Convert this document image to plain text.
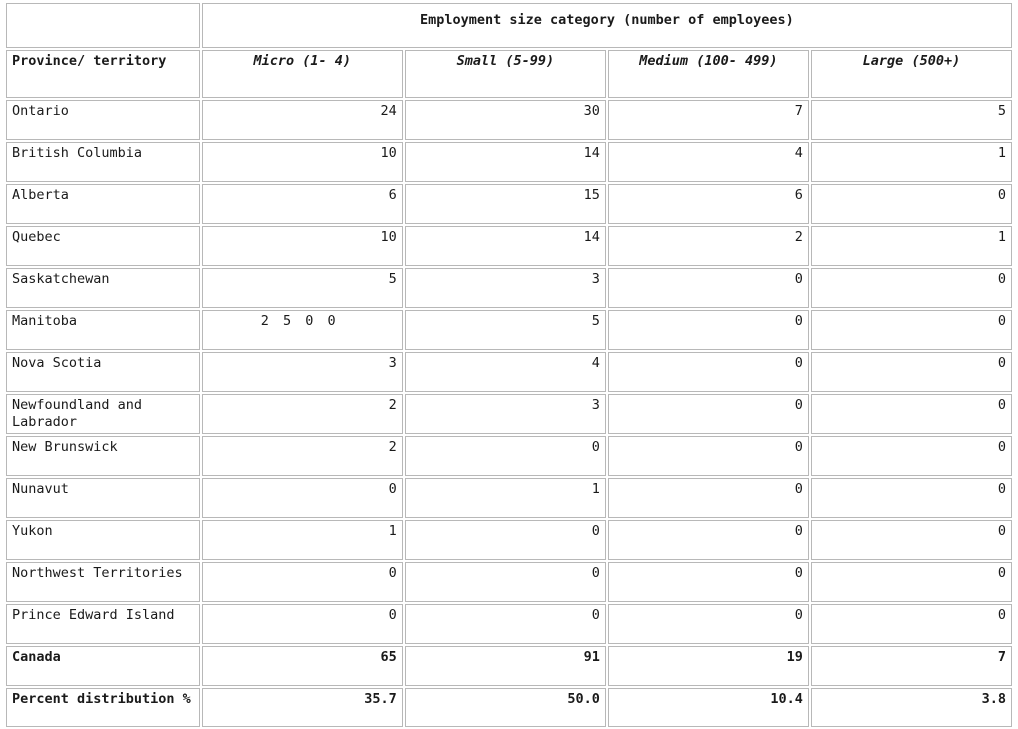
	Employment size category (number of employees)			
Province/ territory	Micro (1- 4)	Small (5-99)	Medium (100- 499)	Large (500+)
Ontario	24	30	7	5
British Columbia	10	14	4	1
Alberta	6	15	6	0
Quebec	10	14	2	1
Saskatchewan	5	3	0	0
Manitoba	2 5 0 0	5	0	0
Nova Scotia	3	4	0	0
Newfoundland and Labrador	2	3	0	0
New Brunswick	2	0	0	0
Nunavut	0	1	0	0
Yukon	1	0	0	0
Northwest Territories	0	0	0	0
Prince Edward Island	0	0	0	0
Canada	65	91	19	7
Percent distribution %	35.7	50.0	10.4	3.8
